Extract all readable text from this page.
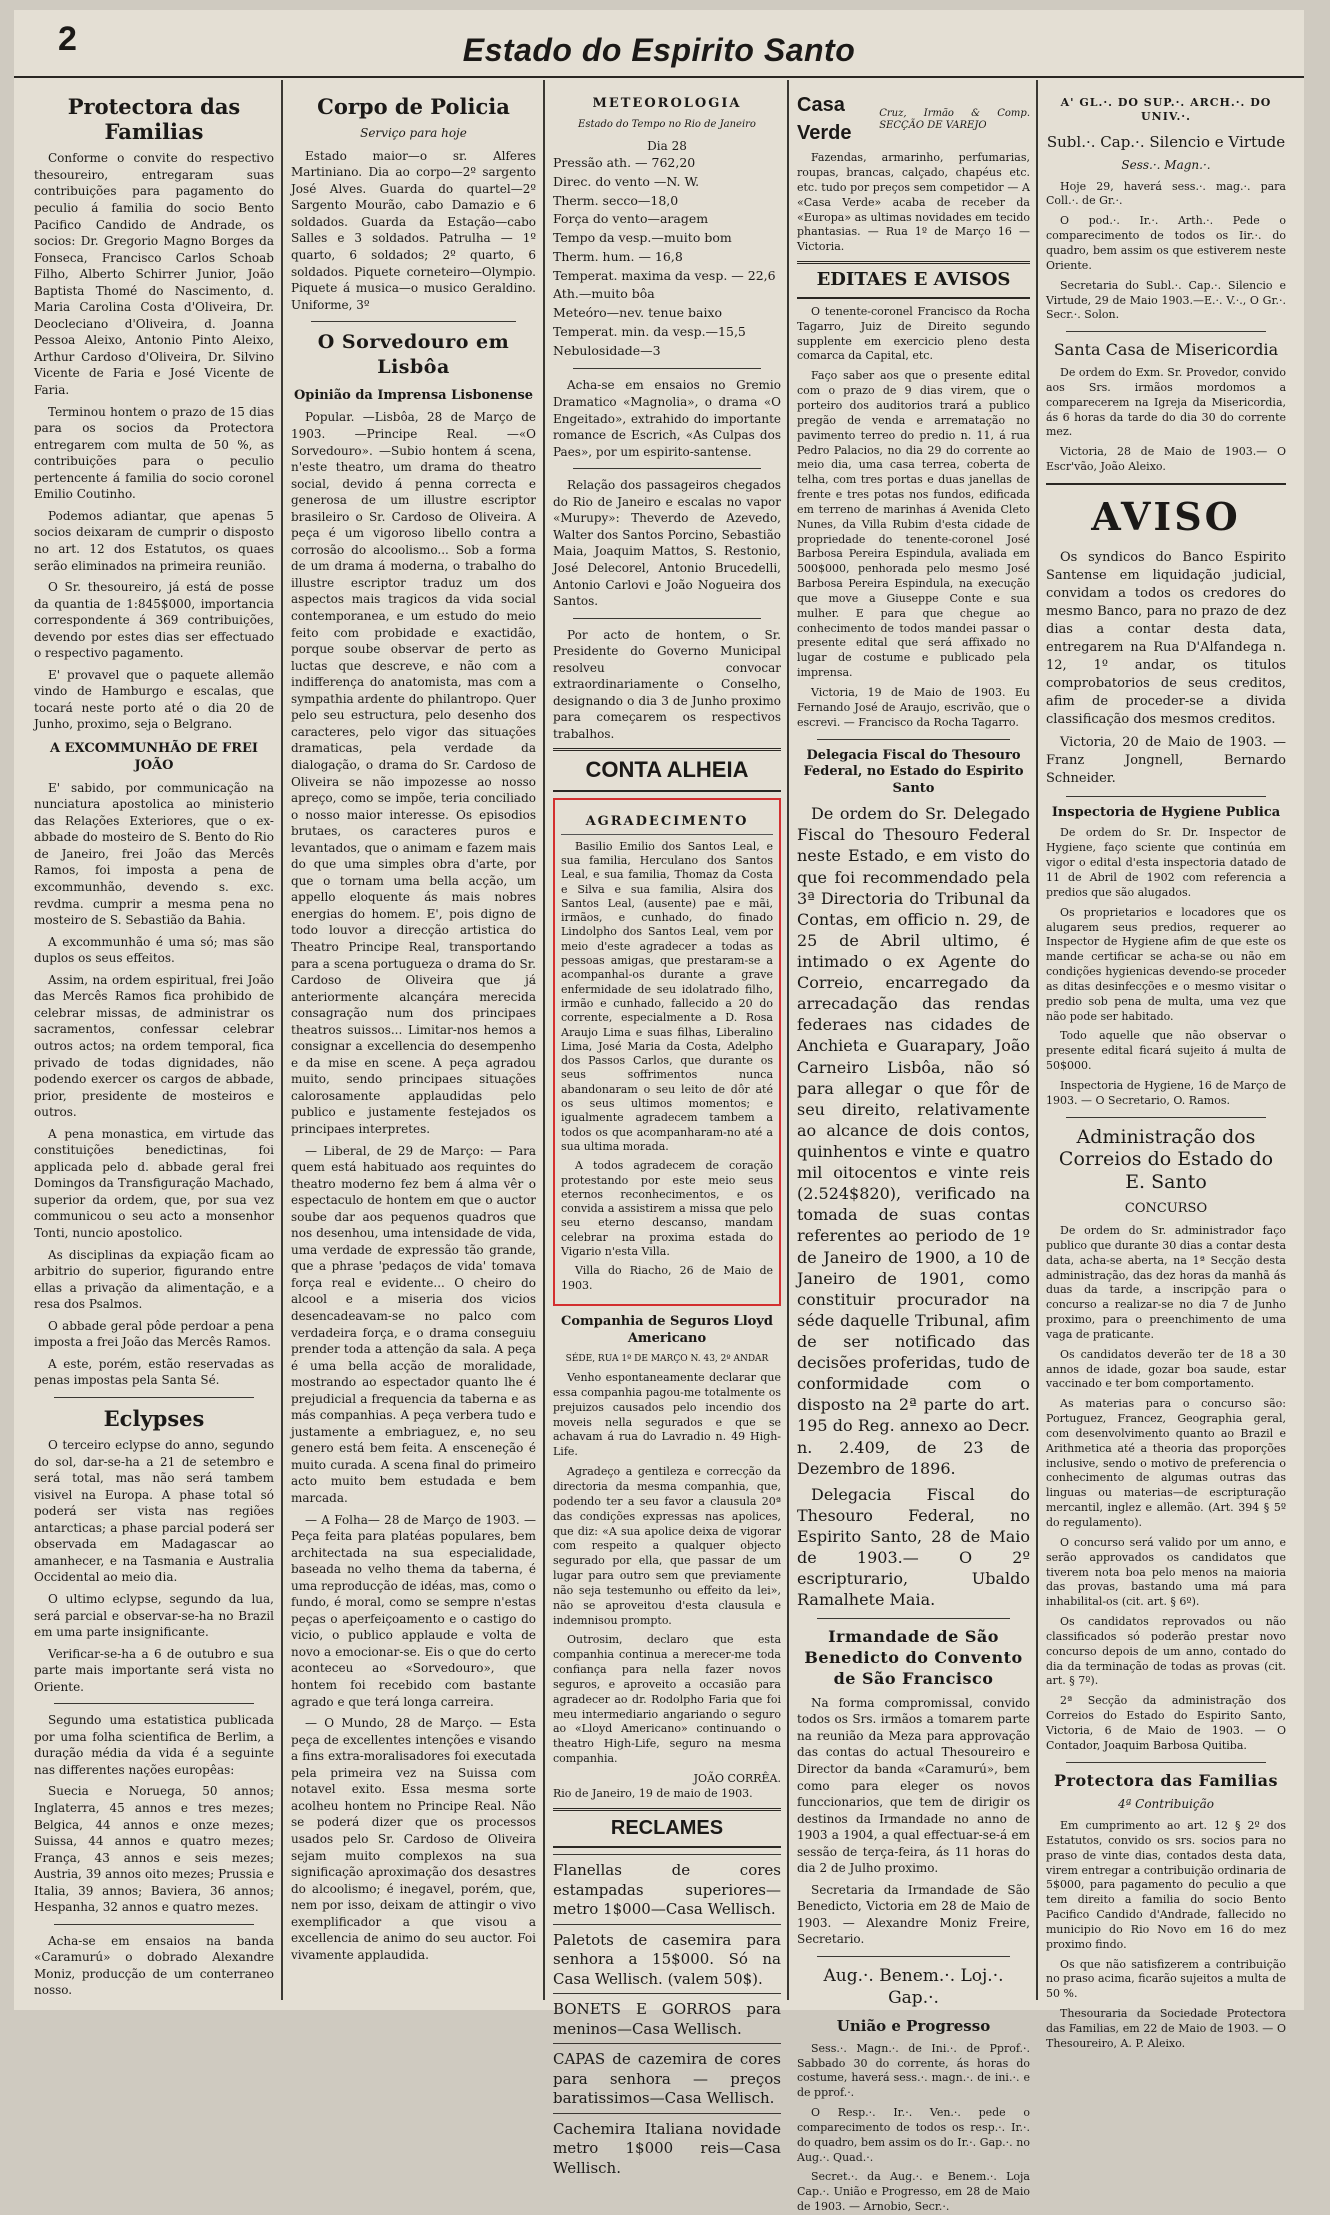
2	Estado do Espirito Santo
Protectora das Familias

Conforme o convite do respectivo thesoureiro, entregaram suas contribuições para pagamento do peculio á familia do socio Bento Pacifico Candido de Andrade, os socios: Dr. Gregorio Magno Borges da Fonseca, Francisco Carlos Schoab Filho, Alberto Schirrer Junior, João Baptista Thomé do Nascimento, d. Maria Carolina Costa d'Oliveira, Dr. Deocleciano d'Oliveira, d. Joanna Pessoa Aleixo, Antonio Pinto Aleixo, Arthur Cardoso d'Oliveira, Dr. Silvino Vicente de Faria e José Vicente de Faria.

Terminou hontem o prazo de 15 dias para os socios da Protectora entregarem com multa de 50 %, as contribuições para o peculio pertencente á familia do socio coronel Emilio Coutinho.

Podemos adiantar, que apenas 5 socios deixaram de cumprir o disposto no art. 12 dos Estatutos, os quaes serão eliminados na primeira reunião.

O Sr. thesoureiro, já está de posse da quantia de 1:845$000, importancia correspondente á 369 contribuições, devendo por estes dias ser effectuado o respectivo pagamento.

E' provavel que o paquete allemão vindo de Hamburgo e escalas, que tocará neste porto até o dia 20 de Junho, proximo, seja o Belgrano.

A EXCOMMUNHÃO DE FREI JOÃO

E' sabido, por communicação na nunciatura apostolica ao ministerio das Relações Exteriores, que o ex-abbade do mosteiro de S. Bento do Rio de Janeiro, frei João das Mercês Ramos, foi imposta a pena de excommunhão, devendo s. exc. revdma. cumprir a mesma pena no mosteiro de S. Sebastião da Bahia.

A excommunhão é uma só; mas são duplos os seus effeitos.

Assim, na ordem espiritual, frei João das Mercês Ramos fica prohibido de celebrar missas, de administrar os sacramentos, confessar celebrar outros actos; na ordem temporal, fica privado de todas dignidades, não podendo exercer os cargos de abbade, prior, presidente de mosteiros e outros.

A pena monastica, em virtude das constituições benedictinas, foi applicada pelo d. abbade geral frei Domingos da Transfiguração Machado, superior da ordem, que, por sua vez communicou o seu acto a monsenhor Tonti, nuncio apostolico.

As disciplinas da expiação ficam ao arbitrio do superior, figurando entre ellas a privação da alimentação, e a resa dos Psalmos.

O abbade geral pôde perdoar a pena imposta a frei João das Mercês Ramos.

A este, porém, estão reservadas as penas impostas pela Santa Sé.

Eclypses

O terceiro eclypse do anno, segundo do sol, dar-se-ha a 21 de setembro e será total, mas não será tambem visivel na Europa. A phase total só poderá ser vista nas regiões antarcticas; a phase parcial poderá ser observada em Madagascar ao amanhecer, e na Tasmania e Australia Occidental ao meio dia.

O ultimo eclypse, segundo da lua, será parcial e observar-se-ha no Brazil em uma parte insignificante.

Verificar-se-ha a 6 de outubro e sua parte mais importante será vista no Oriente.

Segundo uma estatistica publicada por uma folha scientifica de Berlim, a duração média da vida é a seguinte nas differentes nações europêas:

Suecia e Noruega, 50 annos; Inglaterra, 45 annos e tres mezes; Belgica, 44 annos e onze mezes; Suissa, 44 annos e quatro mezes; França, 43 annos e seis mezes; Austria, 39 annos oito mezes; Prussia e Italia, 39 annos; Baviera, 36 annos; Hespanha, 32 annos e quatro mezes.

Acha-se em ensaios na banda «Caramurú» o dobrado Alexandre Moniz, producção de um conterraneo nosso.

Corpo de Policia
Serviço para hoje

Estado maior—o sr. Alferes Martiniano. Dia ao corpo—2º sargento José Alves. Guarda do quartel—2º Sargento Mourão, cabo Damazio e 6 soldados. Guarda da Estação—cabo Salles e 3 soldados. Patrulha — 1º quarto, 6 soldados; 2º quarto, 6 soldados. Piquete corneteiro—Olympio. Piquete á musica—o musico Geraldino. Uniforme, 3º

O Sorvedouro em Lisbôa
Opinião da Imprensa Lisbonense

Popular. —Lisbôa, 28 de Março de 1903. —Principe Real. —«O Sorvedouro». —Subio hontem á scena, n'este theatro, um drama do theatro social, devido á penna correcta e generosa de um illustre escriptor brasileiro o Sr. Cardoso de Oliveira. A peça é um vigoroso libello contra a corrosão do alcoolismo... Sob a forma de um drama á moderna, o trabalho do illustre escriptor traduz um dos aspectos mais tragicos da vida social contemporanea, e um estudo do meio feito com probidade e exactidão, porque soube observar de perto as luctas que descreve, e não com a indifferença do anatomista, mas com a sympathia ardente do philantropo. Quer pelo seu estructura, pelo desenho dos caracteres, pelo vigor das situações dramaticas, pela verdade da dialogação, o drama do Sr. Cardoso de Oliveira se não impozesse ao nosso apreço, como se impõe, teria conciliado o nosso maior interesse. Os episodios brutaes, os caracteres puros e levantados, que o animam e fazem mais do que uma simples obra d'arte, por que o tornam uma bella acção, um appello eloquente ás mais nobres energias do homem. E', pois digno de todo louvor a direcção artistica do Theatro Principe Real, transportando para a scena portugueza o drama do Sr. Cardoso de Oliveira que já anteriormente alcançára merecida consagração num dos principaes theatros suissos... Limitar-nos hemos a consignar a excellencia do desempenho e da mise en scene. A peça agradou muito, sendo principaes situações calorosamente applaudidas pelo publico e justamente festejados os principaes interpretes.

— Liberal, de 29 de Março: — Para quem está habituado aos requintes do theatro moderno fez bem á alma vêr o espectaculo de hontem em que o auctor soube dar aos pequenos quadros que nos desenhou, uma intensidade de vida, uma verdade de expressão tão grande, que a phrase 'pedaços de vida' tomava força real e evidente... O cheiro do alcool e a miseria dos vicios desencadeavam-se no palco com verdadeira força, e o drama conseguiu prender toda a attenção da sala. A peça é uma bella acção de moralidade, mostrando ao espectador quanto lhe é prejudicial a frequencia da taberna e as más companhias. A peça verbera tudo e justamente a embriaguez, e, no seu genero está bem feita. A ensceneção é muito curada. A scena final do primeiro acto muito bem estudada e bem marcada.

— A Folha— 28 de Março de 1903. — Peça feita para platéas populares, bem architectada na sua especialidade, baseada no velho thema da taberna, é uma reproducção de idéas, mas, como o fundo, é moral, como se sempre n'estas peças o aperfeiçoamento e o castigo do vicio, o publico applaude e volta de novo a emocionar-se. Eis o que do certo aconteceu ao «Sorvedouro», que hontem foi recebido com bastante agrado e que terá longa carreira.

— O Mundo, 28 de Março. — Esta peça de excellentes intenções e visando a fins extra-moralisadores foi executada pela primeira vez na Suissa com notavel exito. Essa mesma sorte acolheu hontem no Principe Real. Não se poderá dizer que os processos usados pelo Sr. Cardoso de Oliveira sejam muito complexos na sua significação aproximação dos desastres do alcoolismo; é inegavel, porém, que, nem por isso, deixam de attingir o vivo exemplificador a que visou a excellencia de animo do seu auctor. Foi vivamente applaudida.

METEOROLOGIA
Estado do Tempo no Rio de Janeiro
Dia 28
Pressão ath. — 762,20
Direc. do vento —N. W.
Therm. secco—18,0
Força do vento—aragem
Tempo da vesp.—muito bom
Therm. hum. — 16,8
Temperat. maxima da vesp. — 22,6
Ath.—muito bôa
Meteóro—nev. tenue baixo
Temperat. min. da vesp.—15,5
Nebulosidade—3

Acha-se em ensaios no Gremio Dramatico «Magnolia», o drama «O Engeitado», extrahido do importante romance de Escrich, «As Culpas dos Paes», por um espirito-santense.

Relação dos passageiros chegados do Rio de Janeiro e escalas no vapor «Murupy»: Theverdo de Azevedo, Walter dos Santos Porcino, Sebastião Maia, Joaquim Mattos, S. Restonio, José Delecorel, Antonio Brucedelli, Antonio Carlovi e João Nogueira dos Santos.

Por acto de hontem, o Sr. Presidente do Governo Municipal resolveu convocar extraordinariamente o Conselho, designando o dia 3 de Junho proximo para começarem os respectivos trabalhos.

CONTA ALHEIA
AGRADECIMENTO

Basilio Emilio dos Santos Leal, e sua familia, Herculano dos Santos Leal, e sua familia, Thomaz da Costa e Silva e sua familia, Alsira dos Santos Leal, (ausente) pae e mãi, irmãos, e cunhado, do finado Lindolpho dos Santos Leal, vem por meio d'este agradecer a todas as pessoas amigas, que prestaram-se a acompanhal-os durante a grave enfermidade de seu idolatrado filho, irmão e cunhado, fallecido a 20 do corrente, especialmente a D. Rosa Araujo Lima e suas filhas, Liberalino Lima, José Maria da Costa, Adelpho dos Passos Carlos, que durante os seus soffrimentos nunca abandonaram o seu leito de dôr até os seus ultimos momentos; e igualmente agradecem tambem a todos os que acompanharam-no até a sua ultima morada.

A todos agradecem de coração protestando por este meio seus eternos reconhecimentos, e os convida a assistirem a missa que pelo seu eterno descanso, mandam celebrar na proxima estada do Vigario n'esta Villa.

Villa do Riacho, 26 de Maio de 1903.

Companhia de Seguros Lloyd Americano
SÉDE, RUA 1º DE MARÇO N. 43, 2º ANDAR

Venho espontaneamente declarar que essa companhia pagou-me totalmente os prejuizos causados pelo incendio dos moveis nella segurados e que se achavam á rua do Lavradio n. 49 High-Life.

Agradeço a gentileza e correcção da directoria da mesma companhia, que, podendo ter a seu favor a clausula 20ª das condições expressas nas apolices, que diz: «A sua apolice deixa de vigorar com respeito a qualquer objecto segurado por ella, que passar de um lugar para outro sem que previamente não seja testemunho ou effeito da lei», não se aproveitou d'esta clausula e indemnisou prompto.

Outrosim, declaro que esta companhia continua a merecer-me toda confiança para nella fazer novos seguros, e aproveito a occasião para agradecer ao dr. Rodolpho Faria que foi meu intermediario angariando o seguro ao «Lloyd Americano» continuando o theatro High-Life, seguro na mesma companhia.

JOÃO CORRÊA.
Rio de Janeiro, 19 de maio de 1903.
RECLAMES
Flanellas de cores estampadas superiores—metro 1$000—Casa Wellisch.
Paletots de casemira para senhora a 15$000. Só na Casa Wellisch. (valem 50$).
BONETS E GORROS para meninos—Casa Wellisch.
CAPAS de cazemira de cores para senhora — preços baratissimos—Casa Wellisch.
Cachemira Italiana novidade metro 1$000 reis—Casa Wellisch.
Casa Verde
Cruz, Irmão & Comp. SECÇÃO DE VAREJO

Fazendas, armarinho, perfumarias, roupas, brancas, calçado, chapéus etc. etc. tudo por preços sem competidor — A «Casa Verde» acaba de receber da «Europa» as ultimas novidades em tecido phantasias. — Rua 1º de Março 16 — Victoria.

EDITAES E AVISOS

O tenente-coronel Francisco da Rocha Tagarro, Juiz de Direito segundo supplente em exercicio pleno desta comarca da Capital, etc.

Faço saber aos que o presente edital com o prazo de 9 dias virem, que o porteiro dos auditorios trará a publico pregão de venda e arrematação no pavimento terreo do predio n. 11, á rua Pedro Palacios, no dia 29 do corrente ao meio dia, uma casa terrea, coberta de telha, com tres portas e duas janellas de frente e tres potas nos fundos, edificada em terreno de marinhas á Avenida Cleto Nunes, da Villa Rubim d'esta cidade de propriedade do tenente-coronel José Barbosa Pereira Espindula, avaliada em 500$000, penhorada pelo mesmo José Barbosa Pereira Espindula, na execução que move a Giuseppe Conte e sua mulher. E para que chegue ao conhecimento de todos mandei passar o presente edital que será affixado no lugar de costume e publicado pela imprensa.

Victoria, 19 de Maio de 1903. Eu Fernando José de Araujo, escrivão, que o escrevi. — Francisco da Rocha Tagarro.

Delegacia Fiscal do Thesouro Federal, no Estado do Espirito Santo

De ordem do Sr. Delegado Fiscal do Thesouro Federal neste Estado, e em visto do que foi recommendado pela 3ª Directoria do Tribunal da Contas, em officio n. 29, de 25 de Abril ultimo, é intimado o ex Agente do Correio, encarregado da arrecadação das rendas federaes nas cidades de Anchieta e Guarapary, João Carneiro Lisbôa, não só para allegar o que fôr de seu direito, relativamente ao alcance de dois contos, quinhentos e vinte e quatro mil oitocentos e vinte reis (2.524$820), verificado na tomada de suas contas referentes ao periodo de 1º de Janeiro de 1900, a 10 de Janeiro de 1901, como constituir procurador na séde daquelle Tribunal, afim de ser notificado das decisões proferidas, tudo de conformidade com o disposto na 2ª parte do art. 195 do Reg. annexo ao Decr. n. 2.409, de 23 de Dezembro de 1896.

Delegacia Fiscal do Thesouro Federal, no Espirito Santo, 28 de Maio de 1903.— O 2º escripturario, Ubaldo Ramalhete Maia.

Irmandade de São Benedicto do Convento de São Francisco

Na forma compromissal, convido todos os Srs. irmãos a tomarem parte na reunião da Meza para approvação das contas do actual Thesoureiro e Director da banda «Caramurú», bem como para eleger os novos funccionarios, que tem de dirigir os destinos da Irmandade no anno de 1903 a 1904, a qual effectuar-se-á em sessão de terça-feira, ás 11 horas do dia 2 de Julho proximo.

Secretaria da Irmandade de São Benedicto, Victoria em 28 de Maio de 1903. — Alexandre Moniz Freire, Secretario.

Aug.·. Benem.·. Loj.·. Gap.·.
União e Progresso

Sess.·. Magn.·. de Ini.·. de Pprof.·. Sabbado 30 do corrente, ás horas do costume, haverá sess.·. magn.·. de ini.·. e de pprof.·.

O Resp.·. Ir.·. Ven.·. pede o comparecimento de todos os resp.·. Ir.·. do quadro, bem assim os do Ir.·. Gap.·. no Aug.·. Quad.·.

Secret.·. da Aug.·. e Benem.·. Loja Cap.·. União e Progresso, em 28 de Maio de 1903. — Arnobio, Secr.·.

A' GL.·. DO SUP.·. ARCH.·. DO UNIV.·.
Subl.·. Cap.·. Silencio e Virtude
Sess.·. Magn.·.

Hoje 29, haverá sess.·. mag.·. para Coll.·. de Gr.·.

O pod.·. Ir.·. Arth.·. Pede o comparecimento de todos os Iir.·. do quadro, bem assim os que estiverem neste Oriente.

Secretaria do Subl.·. Cap.·. Silencio e Virtude, 29 de Maio 1903.—E.·. V.·., O Gr.·. Secr.·. Solon.

Santa Casa de Misericordia

De ordem do Exm. Sr. Provedor, convido aos Srs. irmãos mordomos a comparecerem na Igreja da Misericordia, ás 6 horas da tarde do dia 30 do corrente mez.

Victoria, 28 de Maio de 1903.— O Escr'vão, João Aleixo.

AVISO

Os syndicos do Banco Espirito Santense em liquidação judicial, convidam a todos os credores do mesmo Banco, para no prazo de dez dias a contar desta data, entregarem na Rua D'Alfandega n. 12, 1º andar, os titulos comprobatorios de seus creditos, afim de proceder-se a divida classificação dos mesmos creditos.

Victoria, 20 de Maio de 1903. — Franz Jongnell, Bernardo Schneider.

Inspectoria de Hygiene Publica

De ordem do Sr. Dr. Inspector de Hygiene, faço sciente que continúa em vigor o edital d'esta inspectoria datado de 11 de Abril de 1902 com referencia a predios que são alugados.

Os proprietarios e locadores que os alugarem seus predios, requerer ao Inspector de Hygiene afim de que este os mande certificar se acha-se ou não em condições hygienicas devendo-se proceder as ditas desinfecções e o mesmo visitar o predio sob pena de multa, uma vez que não pode ser habitado.

Todo aquelle que não observar o presente edital ficará sujeito á multa de 50$000.

Inspectoria de Hygiene, 16 de Março de 1903. — O Secretario, O. Ramos.

Administração dos Correios do Estado do E. Santo
CONCURSO

De ordem do Sr. administrador faço publico que durante 30 dias a contar desta data, acha-se aberta, na 1ª Secção desta administração, das dez horas da manhã ás duas da tarde, a inscripção para o concurso a realizar-se no dia 7 de Junho proximo, para o preenchimento de uma vaga de praticante.

Os candidatos deverão ter de 18 a 30 annos de idade, gozar boa saude, estar vaccinado e ter bom comportamento.

As materias para o concurso são: Portuguez, Francez, Geographia geral, com desenvolvimento quanto ao Brazil e Arithmetica até a theoria das proporções inclusive, sendo o motivo de preferencia o conhecimento de algumas outras das linguas ou materias—de escripturação mercantil, inglez e allemão. (Art. 394 § 5º do regulamento).

O concurso será valido por um anno, e serão approvados os candidatos que tiverem nota boa pelo menos na maioria das provas, bastando uma má para inhabilital-os (cit. art. § 6º).

Os candidatos reprovados ou não classificados só poderão prestar novo concurso depois de um anno, contado do dia da terminação de todas as provas (cit. art. § 7º).

2ª Secção da administração dos Correios do Estado do Espirito Santo, Victoria, 6 de Maio de 1903. — O Contador, Joaquim Barbosa Quitiba.

Protectora das Familias
4ª Contribuição

Em cumprimento ao art. 12 § 2º dos Estatutos, convido os srs. socios para no praso de vinte dias, contados desta data, virem entregar a contribuição ordinaria de 5$000, para pagamento do peculio a que tem direito a familia do socio Bento Pacifico Candido d'Andrade, fallecido no municipio do Rio Novo em 16 do mez proximo findo.

Os que não satisfizerem a contribuição no praso acima, ficarão sujeitos a multa de 50 %.

Thesouraria da Sociedade Protectora das Familias, em 22 de Maio de 1903. — O Thesoureiro, A. P. Aleixo.
